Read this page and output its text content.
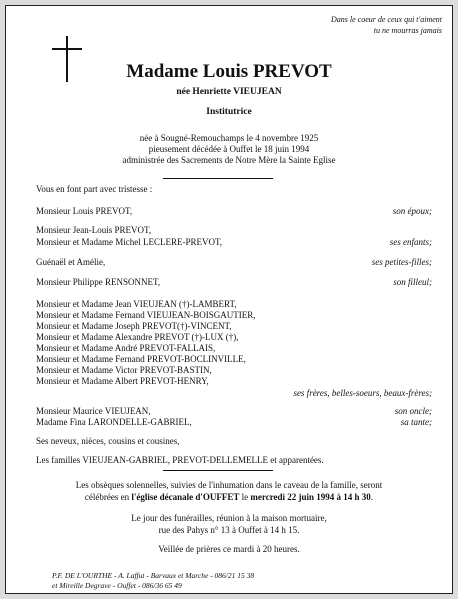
Dans le coeur de ceux qui t'aiment
tu ne mourras jamais
Madame Louis PREVOT
née Henriette VIEUJEAN
Institutrice
née à Sougné-Remouchamps le 4 novembre 1925
pieusement décédée à Ouffet le 18 juin 1994
administrée des Sacrements de Notre Mère la Sainte Eglise
Vous en font part avec tristesse :
Monsieur Louis PREVOT,	son époux;
Monsieur Jean-Louis PREVOT,
Monsieur et Madame Michel LECLERE-PREVOT,	ses enfants;
Guénaël et Amélie,	ses petites-filles;
Monsieur Philippe RENSONNET,	son filleul;
Monsieur et Madame Jean VIEUJEAN (†)-LAMBERT,
Monsieur et Madame Fernand VIEUJEAN-BOISGAUTIER,
Monsieur et Madame Joseph PREVOT(†)-VINCENT,
Monsieur et Madame Alexandre PREVOT (†)-LUX (†),
Monsieur et Madame André PREVOT-FALLAIS,
Monsieur et Madame Fernand PREVOT-BOCLINVILLE,
Monsieur et Madame Victor PREVOT-BASTIN,
Monsieur et Madame Albert PREVOT-HENRY,
ses frères, belles-soeurs, beaux-frères;
Monsieur Maurice VIEUJEAN,	son oncle;
Madame Fina LARONDELLE-GABRIEL,	sa tante;
Ses neveux, nièces, cousins et cousines,
Les familles VIEUJEAN-GABRIEL, PREVOT-DELLEMELLE et apparentées.
Les obsèques solennelles, suivies de l'inhumation dans le caveau de la famille, seront
célébrées en l'église décanale d'OUFFET le mercredi 22 juin 1994 à 14 h 30.
Le jour des funérailles, réunion à la maison mortuaire,
rue des Pahys n° 13 à Ouffet à 14 h 15.
Veillée de prières ce mardi à 20 heures.
P.F. DE L'OURTHE - A. Laffut - Barvaux et Marche - 086/21 15 38
et Mireille Degrave - Ouffet - 086/36 65 49
